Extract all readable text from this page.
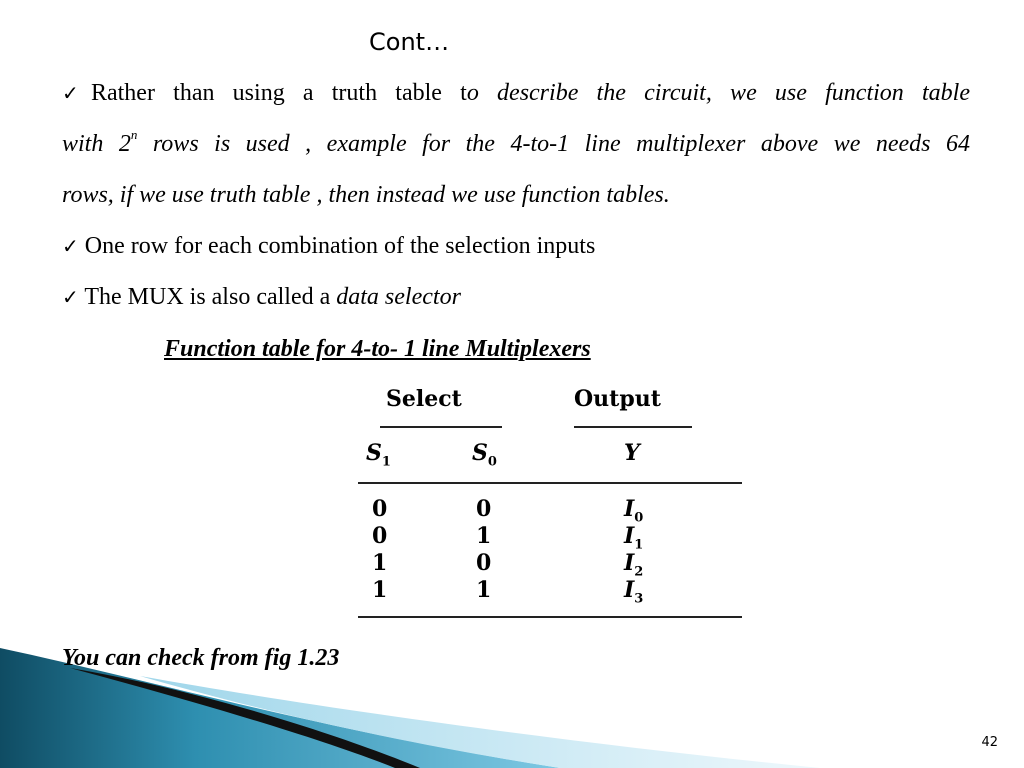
Cont…
✓Rather than using a truth table to describe the circuit, we use function table
with 2$^n$ rows is used , example for the 4-to-1 line multiplexer above we needs 64
rows, if we use truth table , then instead we use function tables.
✓ One row for each combination of the selection inputs
✓ The MUX is also called a data selector
Function table for 4-to- 1 line Multiplexers
Select	Output
$S_1$	$S_0$	Y
0	0	$I_0$
0	1	$I_1$
1	0	$I_2$
1	1	$I_3$
You can check from fig 1.23
42
